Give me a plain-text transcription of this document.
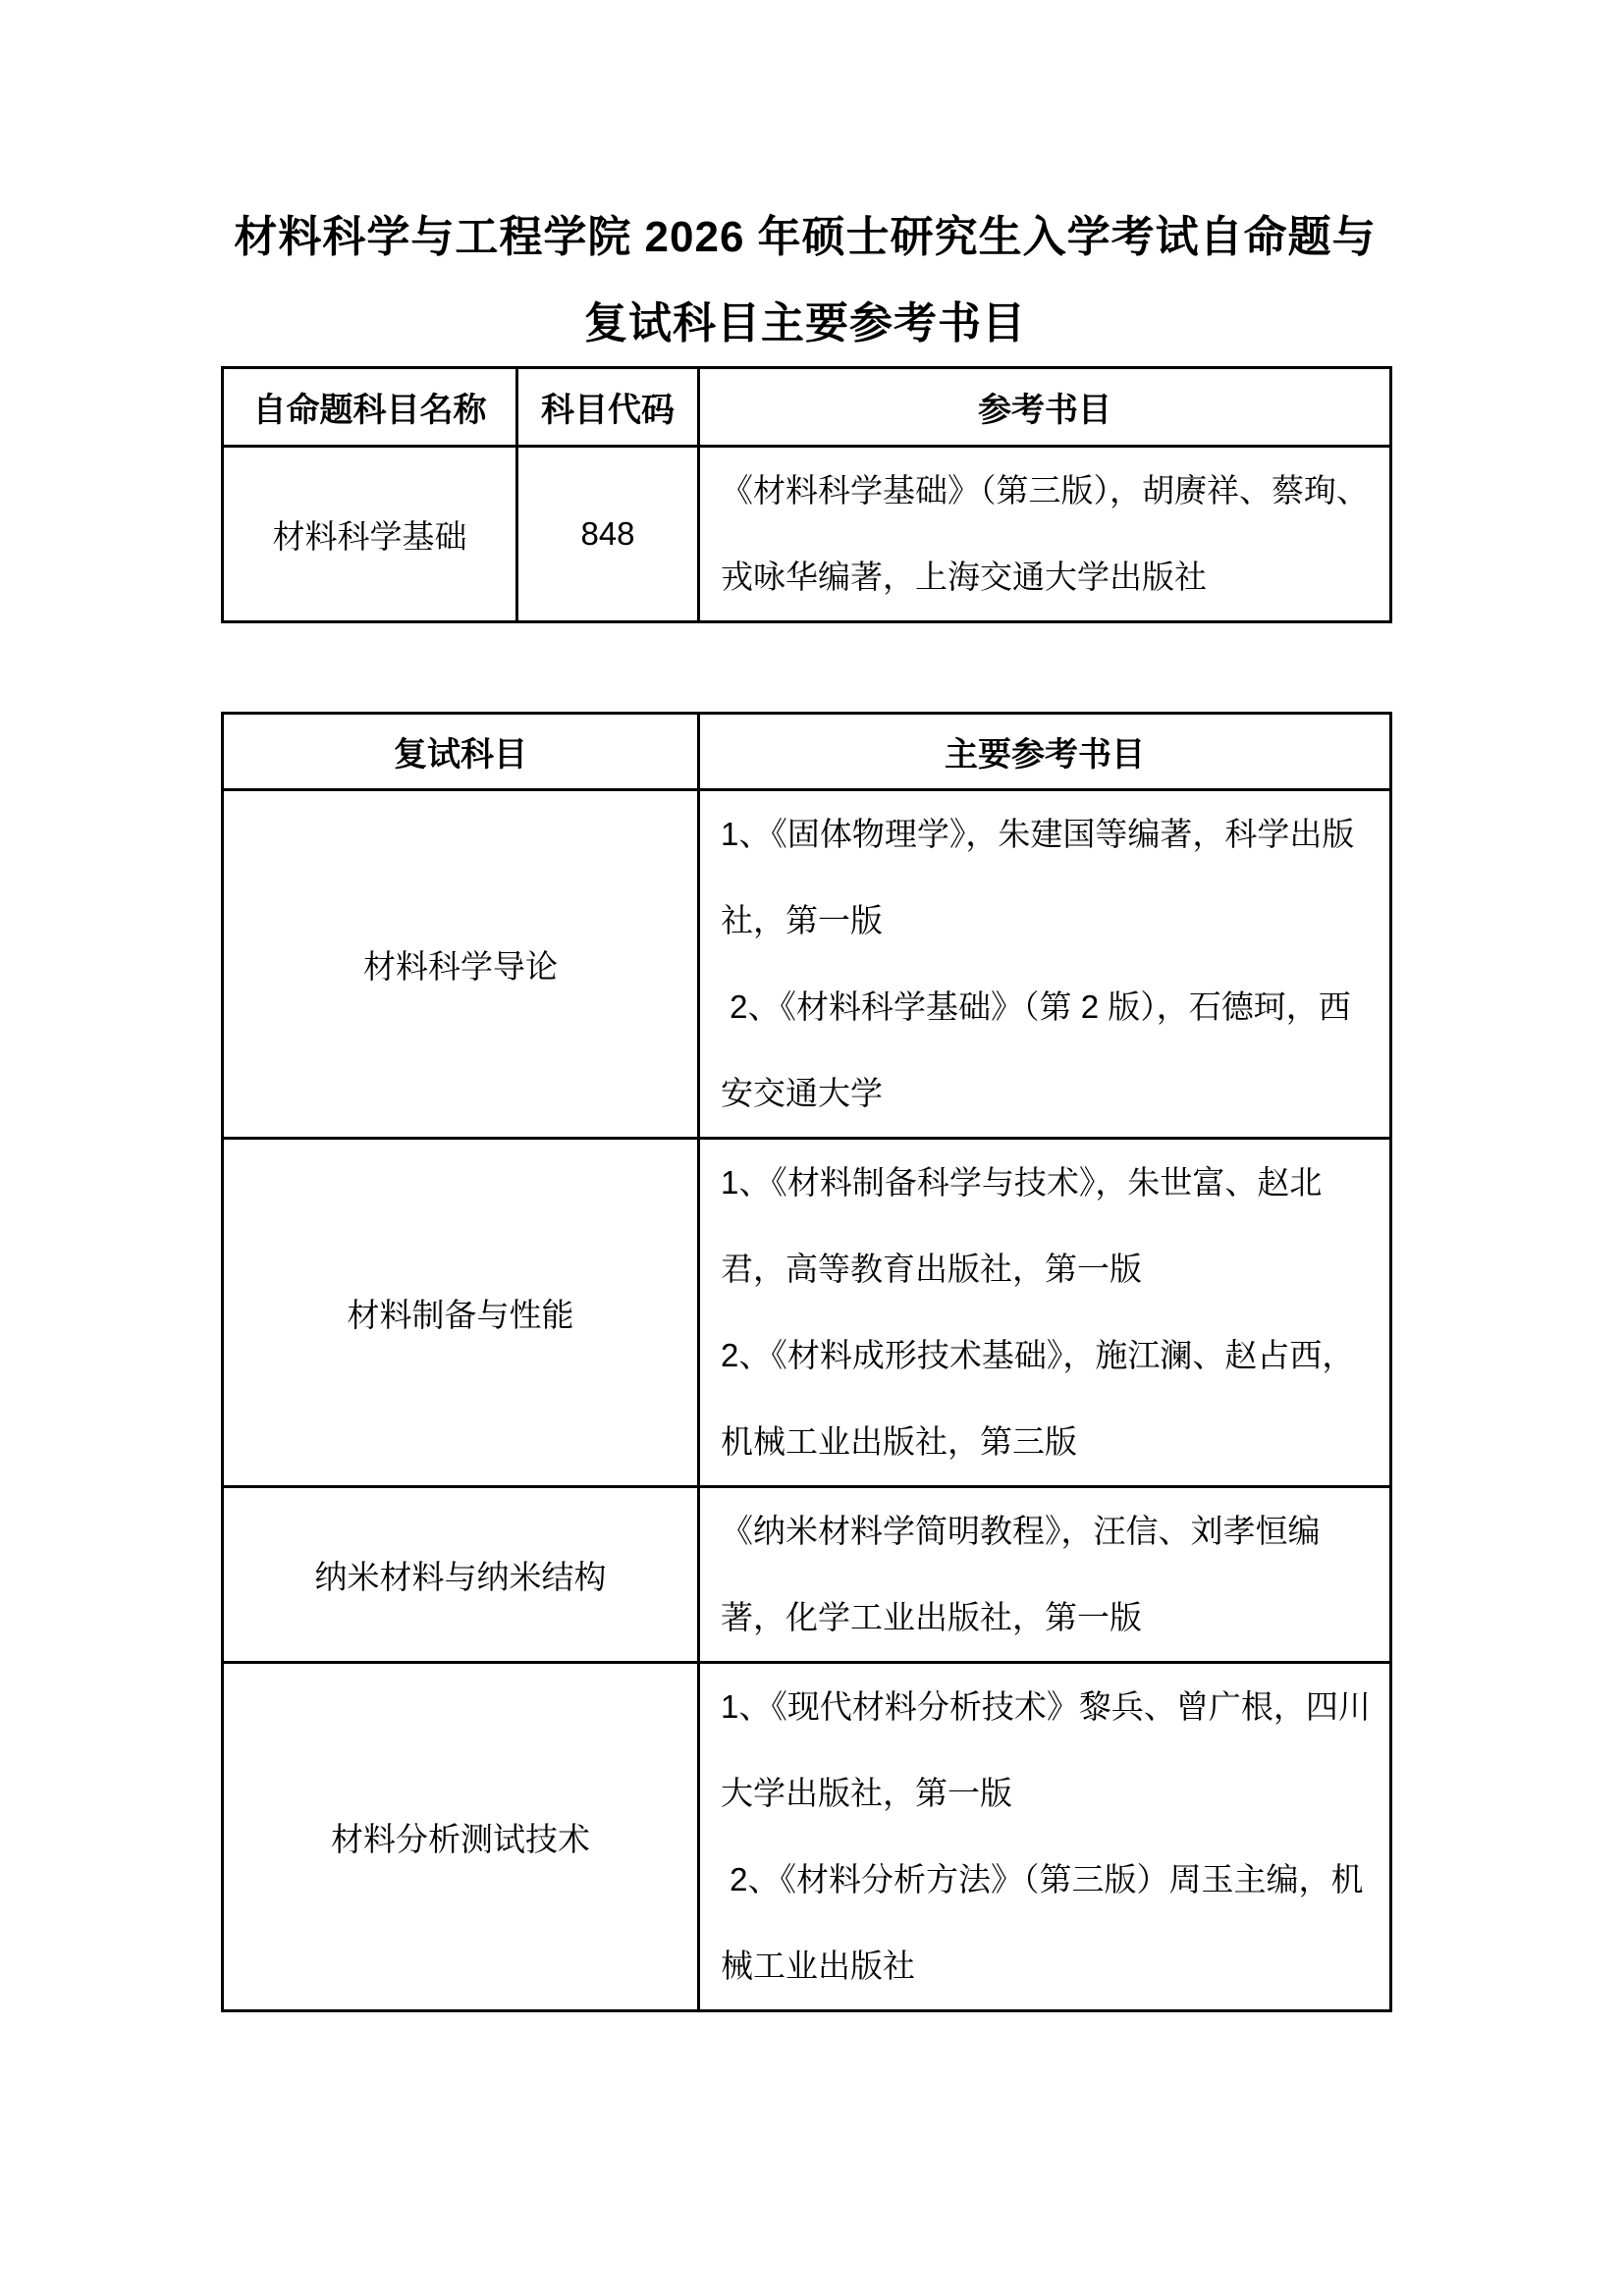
材料科学与工程学院 2026 年硕士研究生入学考试自命题与
复试科目主要参考书目
自命题科目名称	科目代码	参考书目
材料科学基础	848	《材料科学基础》（第三版），胡赓祥、蔡珣、戎咏华编著，上海交通大学出版社

复试科目	主要参考书目
材料科学导论	1、《固体物理学》，朱建国等编著，科学出版社，第一版

2、《材料科学基础》（第 2 版），石德珂，西安交通大学

材料制备与性能	1、《材料制备科学与技术》，朱世富、赵北君，高等教育出版社，第一版

2、《材料成形技术基础》，施江澜、赵占西，机械工业出版社，第三版

纳米材料与纳米结构	《纳米材料学简明教程》，汪信、刘孝恒编著，化学工业出版社，第一版

材料分析测试技术	1、《现代材料分析技术》黎兵、曾广根，四川大学出版社，第一版

2、《材料分析方法》（第三版）周玉主编，机械工业出版社
